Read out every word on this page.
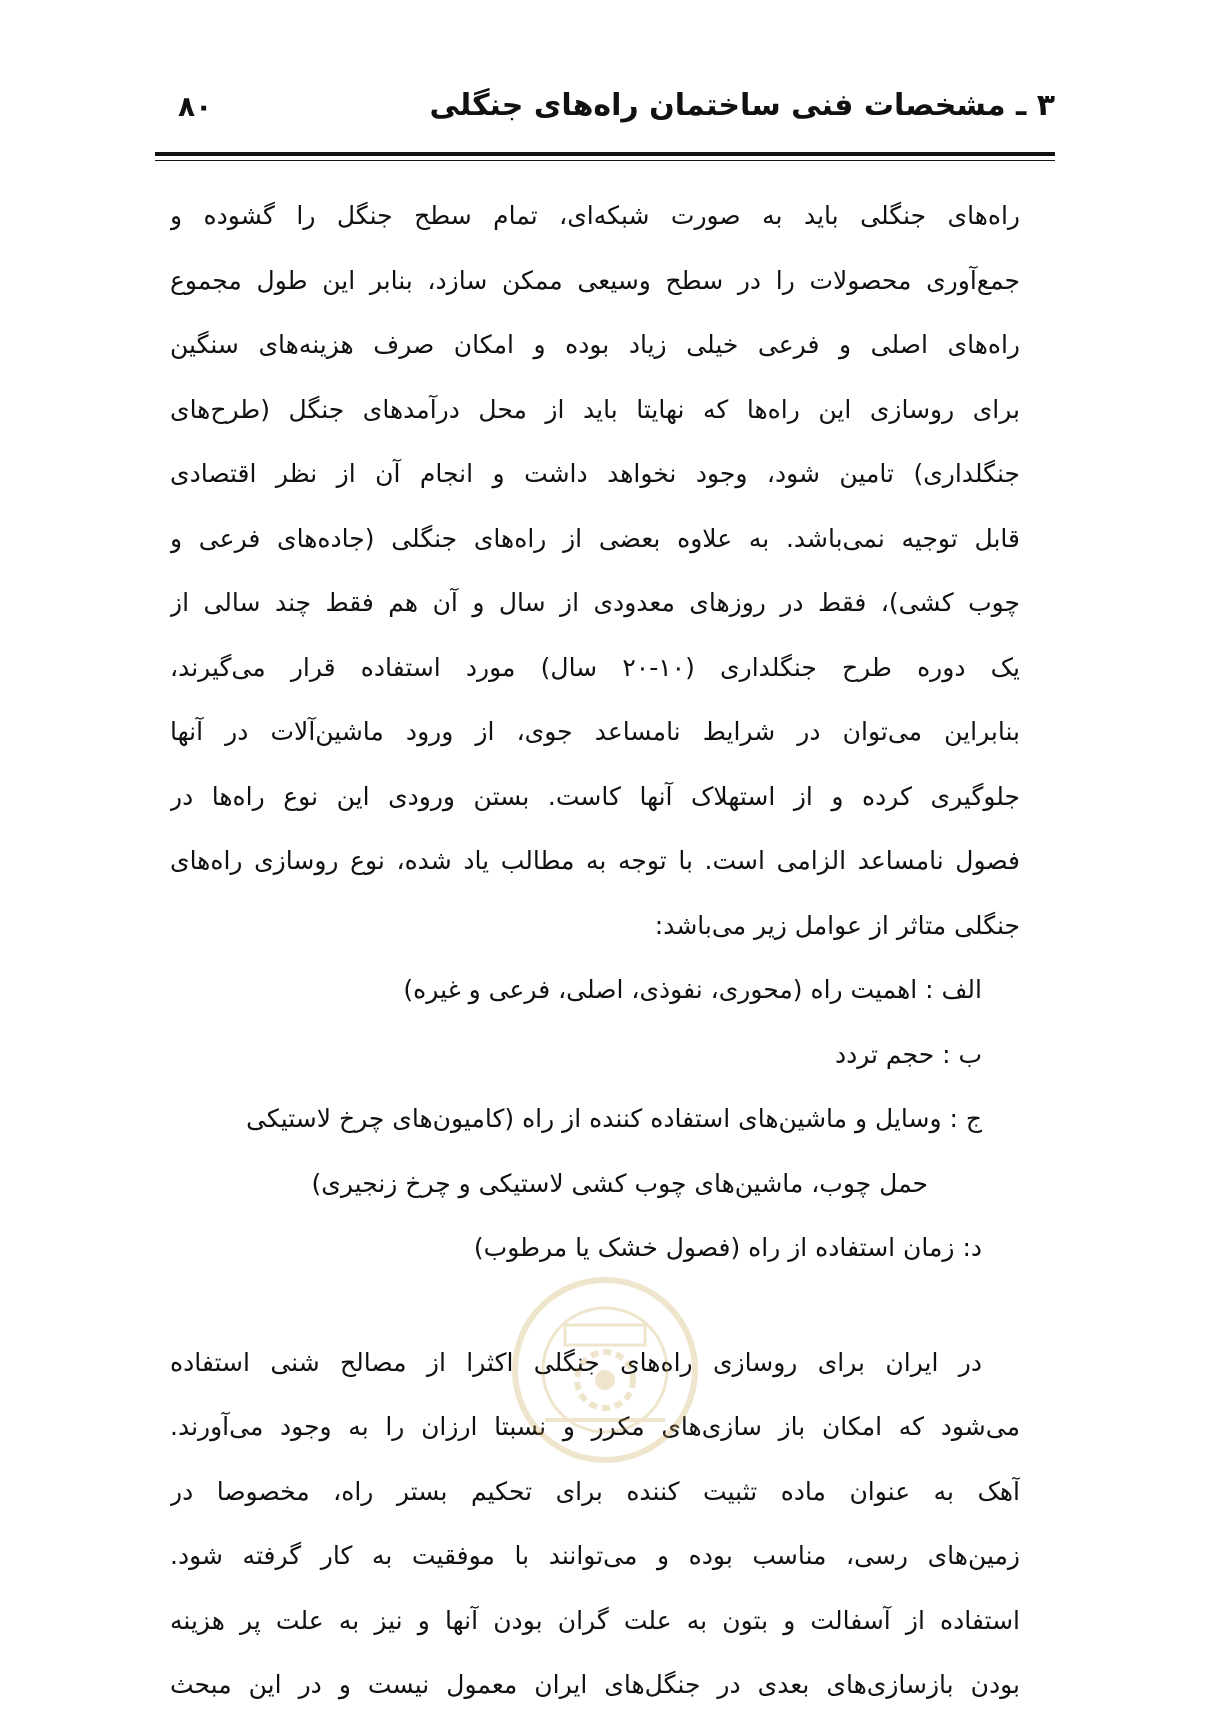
۳ ـ مشخصات فنی ساختمان راه‌های جنگلی
۸۰
راه‌های جنگلی باید به صورت شبکه‌ای، تمام سطح جنگل را گشوده و
جمع‌آوری محصولات را در سطح وسیعی ممکن سازد، بنابر این طول مجموع
راه‌های اصلی و فرعی خیلی زیاد بوده و امکان صرف هزینه‌های سنگین
برای روسازی این راه‌ها که نهایتا باید از محل درآمدهای جنگل (طرح‌های
جنگلداری) تامین شود، وجود نخواهد داشت و انجام آن از نظر اقتصادی
قابل توجیه نمی‌باشد. به علاوه بعضی از راه‌های جنگلی (جاده‌های فرعی و
چوب کشی)، فقط در روزهای معدودی از سال و آن هم فقط چند سالی از
یک دوره طرح جنگلداری (۱۰-۲۰ سال) مورد استفاده قرار می‌گیرند،
بنابراین می‌توان در شرایط نامساعد جوی، از ورود ماشین‌آلات در آنها
جلوگیری کرده و از استهلاک آنها کاست. بستن ورودی این نوع راه‌ها در
فصول نامساعد الزامی است. با توجه به مطالب یاد شده، نوع روسازی راه‌های
جنگلی متاثر از عوامل زیر می‌باشد:
الف : اهمیت راه (محوری، نفوذی، اصلی، فرعی و غیره)
ب : حجم تردد
ج : وسایل و ماشین‌های استفاده کننده از راه (کامیون‌های چرخ لاستیکی
حمل چوب، ماشین‌های چوب کشی لاستیکی و چرخ زنجیری)
د: زمان استفاده از راه (فصول خشک یا مرطوب)
در ایران برای روسازی راه‌های جنگلی اکثرا از مصالح شنی استفاده
می‌شود که امکان باز سازی‌های مکرر و نسبتا ارزان را به وجود می‌آورند.
آهک به عنوان ماده تثبیت کننده برای تحکیم بستر راه، مخصوصا در
زمین‌های رسی، مناسب بوده و می‌توانند با موفقیت به کار گرفته شود.
استفاده از آسفالت و بتون به علت گران بودن آنها و نیز به علت پر هزینه
بودن بازسازی‌های بعدی در جنگل‌های ایران معمول نیست و در این مبحث
